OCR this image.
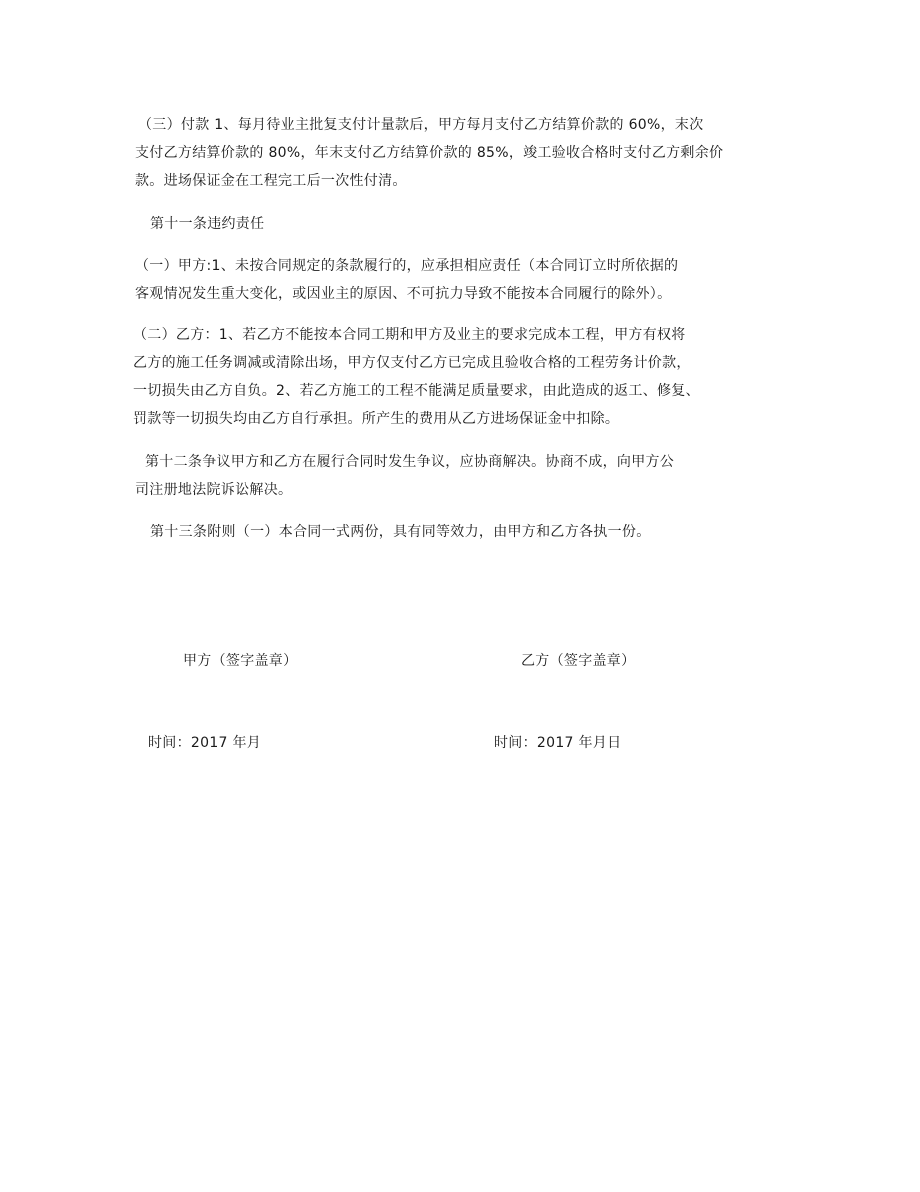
（三）付款 1、每月待业主批复支付计量款后，甲方每月支付乙方结算价款的 60%，末次
支付乙方结算价款的 80%，年末支付乙方结算价款的 85%，竣工验收合格时支付乙方剩余价
款。进场保证金在工程完工后一次性付清。
第十一条违约责任
（一）甲方:1、未按合同规定的条款履行的，应承担相应责任（本合同订立时所依据的
客观情况发生重大变化，或因业主的原因、不可抗力导致不能按本合同履行的除外）。
（二）乙方：1、若乙方不能按本合同工期和甲方及业主的要求完成本工程，甲方有权将
乙方的施工任务调减或清除出场，甲方仅支付乙方已完成且验收合格的工程劳务计价款，
一切损失由乙方自负。2、若乙方施工的工程不能满足质量要求，由此造成的返工、修复、
罚款等一切损失均由乙方自行承担。所产生的费用从乙方进场保证金中扣除。
第十二条争议甲方和乙方在履行合同时发生争议，应协商解决。协商不成，向甲方公
司注册地法院诉讼解决。
第十三条附则（一）本合同一式两份，具有同等效力，由甲方和乙方各执一份。
甲方（签字盖章）	乙方（签字盖章）
时间：2017 年月	时间：2017 年月日
